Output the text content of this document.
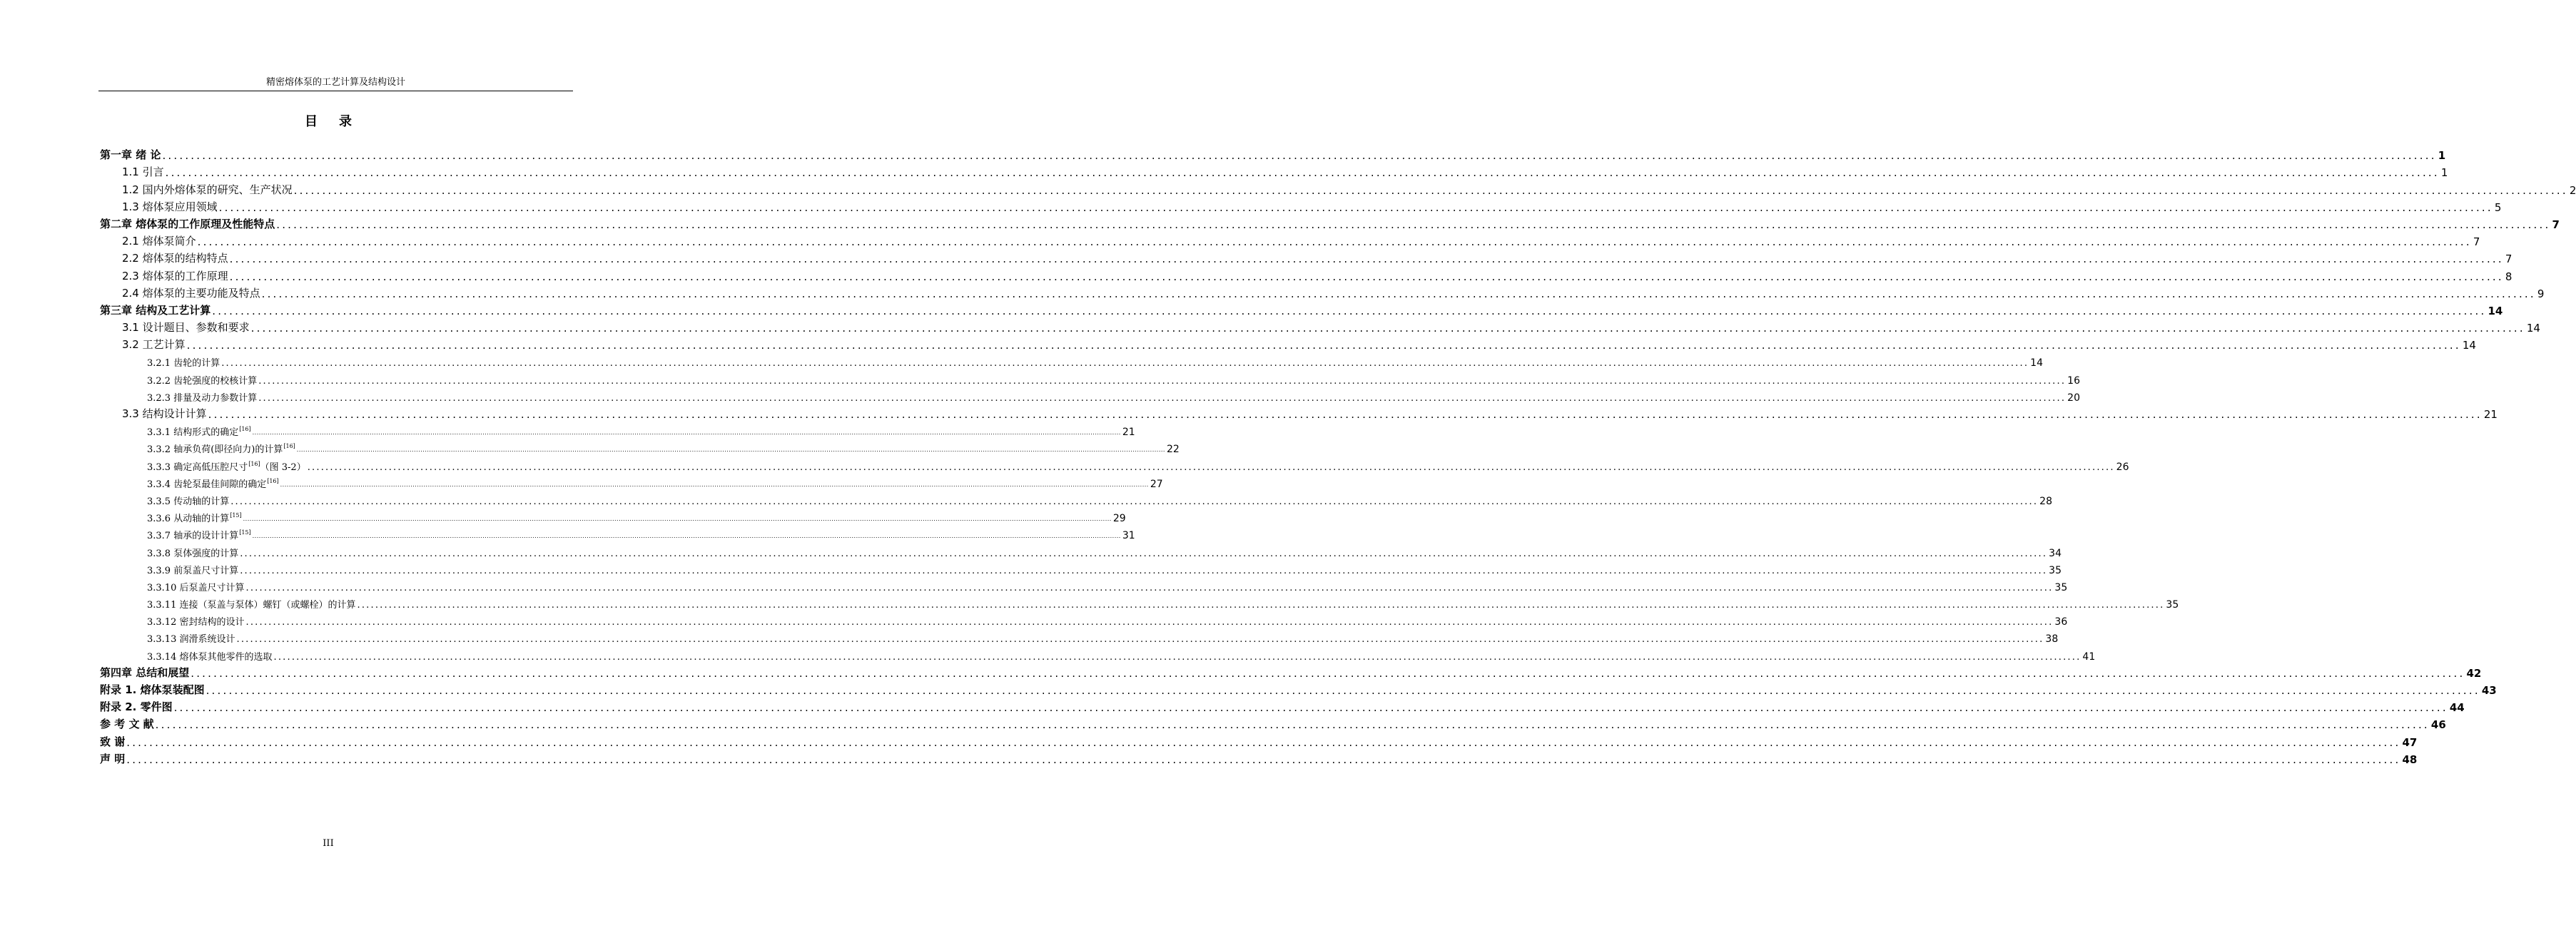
精密熔体泵的工艺计算及结构设计
目录
第一章 绪 论 ................................................................................................................................................................................................................................................................................................................................................................................................................ 1
1.1 引言 ................................................................................................................................................................................................................................................................................................................................................................................................................ 1
1.2 国内外熔体泵的研究、生产状况 ................................................................................................................................................................................................................................................................................................................................................................................................................ 2
1.3 熔体泵应用领域 ................................................................................................................................................................................................................................................................................................................................................................................................................ 5
第二章 熔体泵的工作原理及性能特点 ................................................................................................................................................................................................................................................................................................................................................................................................................ 7
2.1 熔体泵简介 ................................................................................................................................................................................................................................................................................................................................................................................................................ 7
2.2 熔体泵的结构特点 ................................................................................................................................................................................................................................................................................................................................................................................................................ 7
2.3 熔体泵的工作原理 ................................................................................................................................................................................................................................................................................................................................................................................................................ 8
2.4 熔体泵的主要功能及特点 ................................................................................................................................................................................................................................................................................................................................................................................................................ 9
第三章 结构及工艺计算 ................................................................................................................................................................................................................................................................................................................................................................................................................ 14
3.1 设计题目、参数和要求 ................................................................................................................................................................................................................................................................................................................................................................................................................ 14
3.2 工艺计算 ................................................................................................................................................................................................................................................................................................................................................................................................................ 14
3.2.1 齿轮的计算 ................................................................................................................................................................................................................................................................................................................................................................................................................ 14
3.2.2 齿轮强度的校核计算 ................................................................................................................................................................................................................................................................................................................................................................................................................ 16
3.2.3 排量及动力参数计算 ................................................................................................................................................................................................................................................................................................................................................................................................................ 20
3.3 结构设计计算 ................................................................................................................................................................................................................................................................................................................................................................................................................ 21
3.3.1 结构形式的确定[16]
................................................................................................................................................................................................................................................................................................................................................................................................................ 21
3.3.2 轴承负荷(即径向力)的计算[16]
................................................................................................................................................................................................................................................................................................................................................................................................................ 22
3.3.3 确定高低压腔尺寸[16]（图 3-2） ................................................................................................................................................................................................................................................................................................................................................................................................................ 26
3.3.4 齿轮泵最佳间隙的确定[16]
................................................................................................................................................................................................................................................................................................................................................................................................................ 27
3.3.5 传动轴的计算 ................................................................................................................................................................................................................................................................................................................................................................................................................ 28
3.3.6 从动轴的计算[15]
................................................................................................................................................................................................................................................................................................................................................................................................................ 29
3.3.7 轴承的设计计算[15]
................................................................................................................................................................................................................................................................................................................................................................................................................ 31
3.3.8 泵体强度的计算 ................................................................................................................................................................................................................................................................................................................................................................................................................ 34
3.3.9 前泵盖尺寸计算 ................................................................................................................................................................................................................................................................................................................................................................................................................ 35
3.3.10 后泵盖尺寸计算 ................................................................................................................................................................................................................................................................................................................................................................................................................ 35
3.3.11 连接（泵盖与泵体）螺钉（或螺栓）的计算 ................................................................................................................................................................................................................................................................................................................................................................................................................ 35
3.3.12 密封结构的设计 ................................................................................................................................................................................................................................................................................................................................................................................................................ 36
3.3.13 润滑系统设计 ................................................................................................................................................................................................................................................................................................................................................................................................................ 38
3.3.14 熔体泵其他零件的选取 ................................................................................................................................................................................................................................................................................................................................................................................................................ 41
第四章 总结和展望 ................................................................................................................................................................................................................................................................................................................................................................................................................ 42
附录 1. 熔体泵装配图 ................................................................................................................................................................................................................................................................................................................................................................................................................ 43
附录 2. 零件图 ................................................................................................................................................................................................................................................................................................................................................................................................................ 44
参 考 文 献 ................................................................................................................................................................................................................................................................................................................................................................................................................ 46
致 谢 ................................................................................................................................................................................................................................................................................................................................................................................................................ 47
声 明 ................................................................................................................................................................................................................................................................................................................................................................................................................ 48
III
